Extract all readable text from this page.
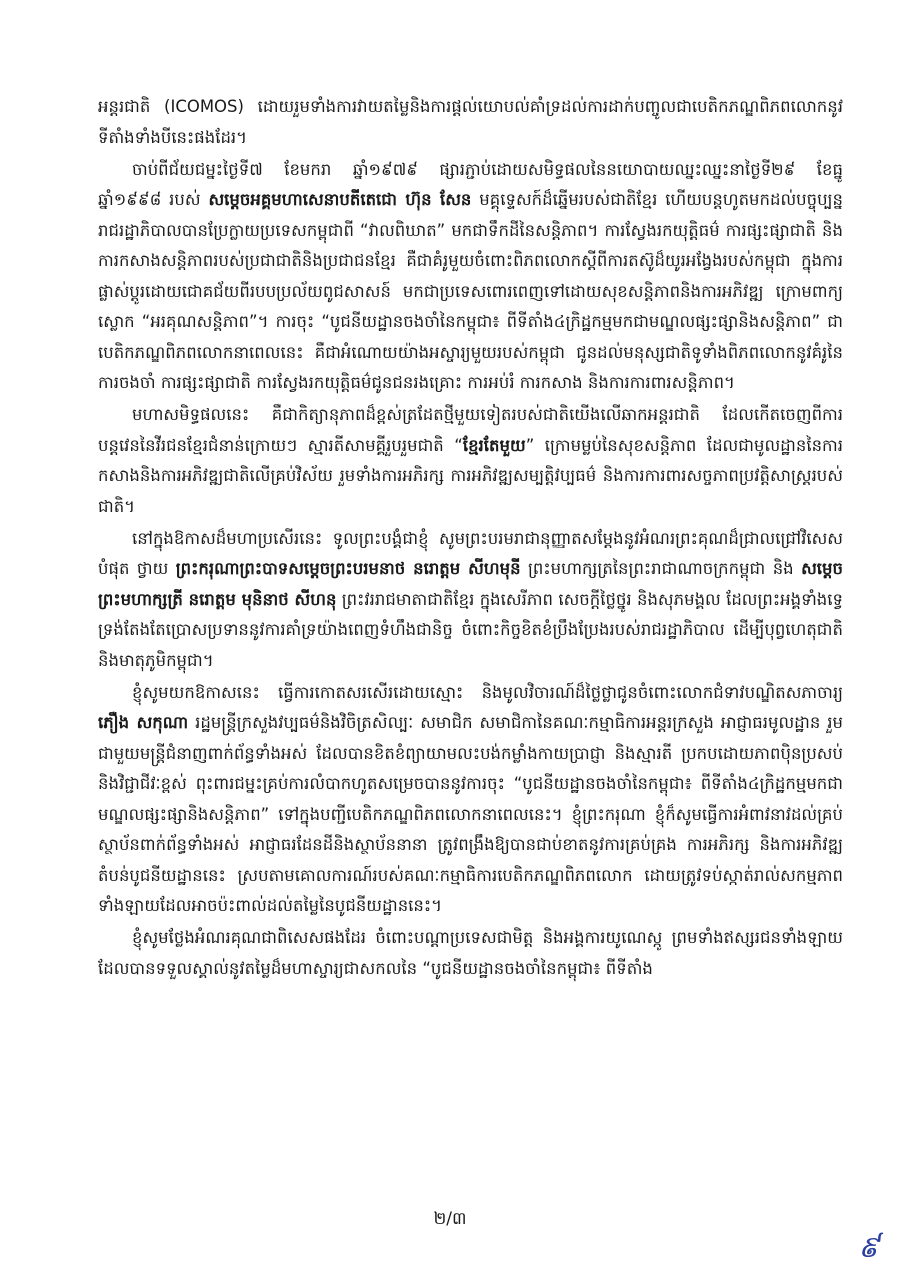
អន្តរជាតិ (ICOMOS) ដោយរួមទាំងការវាយតម្លៃនិងការផ្ដល់យោបល់គាំទ្រដល់ការដាក់បញ្ចូលជាបេតិកភណ្ឌពិភពលោកនូវទីតាំងទាំងបីនេះផងដែរ។

ចាប់ពីជ័យជម្នះថ្ងៃទី៧ ខែមករា ឆ្នាំ១៩៧៩ ផ្សារភ្ជាប់ដោយសមិទ្ធផលនៃនយោបាយឈ្នះឈ្នះនាថ្ងៃទី២៩ ខែធ្នូ ឆ្នាំ១៩៩៨ របស់ សម្តេចអគ្គមហាសេនាបតីតេជោ ហ៊ុន សែន មគ្គុទ្ទេសក៍ដ៏ឆ្នើមរបស់ជាតិខ្មែរ ហើយបន្តហូតមកដល់បច្ចុប្បន្ន រាជរដ្ឋាភិបាលបានប្រែក្លាយប្រទេសកម្ពុជាពី “វាលពិឃាត” មកជាទឹកដីនៃសន្តិភាព។ ការស្វែងរកយុត្តិធម៌ ការផ្សះផ្សាជាតិ និងការកសាងសន្តិភាពរបស់ប្រជាជាតិនិងប្រជាជនខ្មែរ គឺជាគំរូមួយចំពោះពិភពលោកស្ដីពីការតស៊ូដ៏យូរអង្វែងរបស់កម្ពុជា ក្នុងការផ្លាស់ប្ដូរដោយជោគជ័យពីរបបប្រល័យពូជសាសន៍ មកជាប្រទេសពោរពេញទៅដោយសុខសន្តិភាពនិងការអភិវឌ្ឍ ក្រោមពាក្យស្លោក “អរគុណសន្តិភាព”។ ការចុះ “បូជនីយដ្ឋានចងចាំនៃកម្ពុជា៖ ពីទីតាំង៤ក្រិដ្ឋកម្មមកជាមណ្ឌលផ្សះផ្សានិងសន្តិភាព” ជាបេតិកភណ្ឌពិភពលោកនាពេលនេះ គឺជាអំណោយយ៉ាងអស្ចារ្យមួយរបស់កម្ពុជា ជូនដល់មនុស្សជាតិទូទាំងពិភពលោកនូវគំរូនៃការចងចាំ ការផ្សះផ្សាជាតិ ការស្វែងរកយុត្តិធម៌ជូនជនរងគ្រោះ ការអប់រំ ការកសាង និងការការពារសន្តិភាព។

មហាសមិទ្ធផលនេះ គឺជាកិត្យានុភាពដ៏ខ្ពស់ត្រដែតថ្មីមួយទៀតរបស់ជាតិយើងលើឆាកអន្តរជាតិ ដែលកើតចេញពីការបន្តវេននៃវីរជនខ្មែរជំនាន់ក្រោយៗ ស្មារតីសាមគ្គីរួបរួមជាតិ “ខ្មែរតែមួយ” ក្រោមម្លប់នៃសុខសន្តិភាព ដែលជាមូលដ្ឋាននៃការកសាងនិងការអភិវឌ្ឍជាតិលើគ្រប់វិស័យ រួមទាំងការអភិរក្ស ការអភិវឌ្ឍសម្បត្តិវប្បធម៌ និងការការពារសច្ចភាពប្រវត្តិសាស្ត្ររបស់ជាតិ។

នៅក្នុងឱកាសដ៏មហាប្រសើរនេះ ទូលព្រះបង្គំជាខ្ញុំ សូមព្រះបរមរាជានុញ្ញាតសម្ដែងនូវអំណរព្រះគុណដ៏ជ្រាលជ្រៅវិសេសបំផុត ថ្វាយ ព្រះករុណាព្រះបាទសម្តេចព្រះបរមនាថ នរោត្តម សីហមុនី ព្រះមហាក្សត្រនៃព្រះរាជាណាចក្រកម្ពុជា និង សម្តេចព្រះមហាក្សត្រី នរោត្តម មុនិនាថ សីហនុ ព្រះវររាជមាតាជាតិខ្មែរ ក្នុងសេរីភាព សេចក្ដីថ្លៃថ្នូរ និងសុភមង្គល ដែលព្រះអង្គទាំងទ្វេទ្រង់តែងតែប្រោសប្រទាននូវការគាំទ្រយ៉ាងពេញទំហឹងជានិច្ច ចំពោះកិច្ចខិតខំប្រឹងប្រែងរបស់រាជរដ្ឋាភិបាល ដើម្បីបុព្វហេតុជាតិនិងមាតុភូមិកម្ពុជា។

ខ្ញុំសូមយកឱកាសនេះ ធ្វើការកោតសរសើរដោយស្មោះ និងមូលវិចារណ៍ដ៏ថ្លៃថ្លាជូនចំពោះលោកជំទាវបណ្ឌិតសភាចារ្យ ភឿង សកុណា រដ្ឋមន្ត្រីក្រសួងវប្បធម៌និងវិចិត្រសិល្បៈ សមាជិក សមាជិកានៃគណៈកម្មាធិការអន្តរក្រសួង អាជ្ញាធរមូលដ្ឋាន រួមជាមួយមន្ត្រីជំនាញពាក់ព័ន្ធទាំងអស់ ដែលបានខិតខំព្យាយាមលះបង់កម្លាំងកាយប្រាជ្ញា និងស្មារតី ប្រកបដោយភាពប៉ិនប្រសប់និងវិជ្ជាជីវៈខ្ពស់ ពុះពារជម្នះគ្រប់ការលំបាកហូតសម្រេចបាននូវការចុះ “បូជនីយដ្ឋានចងចាំនៃកម្ពុជា៖ ពីទីតាំង៤ក្រិដ្ឋកម្មមកជាមណ្ឌលផ្សះផ្សានិងសន្តិភាព” ទៅក្នុងបញ្ជីបេតិកភណ្ឌពិភពលោកនាពេលនេះ។ ខ្ញុំព្រះករុណា ខ្ញុំក៏សូមធ្វើការអំពាវនាវដល់គ្រប់ស្ថាប័នពាក់ព័ន្ធទាំងអស់ អាជ្ញាធរដែនដីនិងស្ថាប័ននានា ត្រូវពង្រឹងឱ្យបានជាប់ខាតនូវការគ្រប់គ្រង ការអភិរក្ស និងការអភិវឌ្ឍតំបន់បូជនីយដ្ឋាននេះ ស្របតាមគោលការណ៍របស់គណៈកម្មាធិការបេតិកភណ្ឌពិភពលោក ដោយត្រូវទប់ស្កាត់រាល់សកម្មភាពទាំងឡាយដែលអាចប៉ះពាល់ដល់តម្លៃនៃបូជនីយដ្ឋាននេះ។

ខ្ញុំសូមថ្លែងអំណរគុណជាពិសេសផងដែរ ចំពោះបណ្ដាប្រទេសជាមិត្ត និងអង្គការយូណេស្កូ ព្រមទាំងឥស្សរជនទាំងឡាយ ដែលបានទទួលស្គាល់នូវតម្លៃដ៏មហាស្ចារ្យជាសកលនៃ “បូជនីយដ្ឋានចងចាំនៃកម្ពុជា៖ ពីទីតាំង

២/៣
៩
